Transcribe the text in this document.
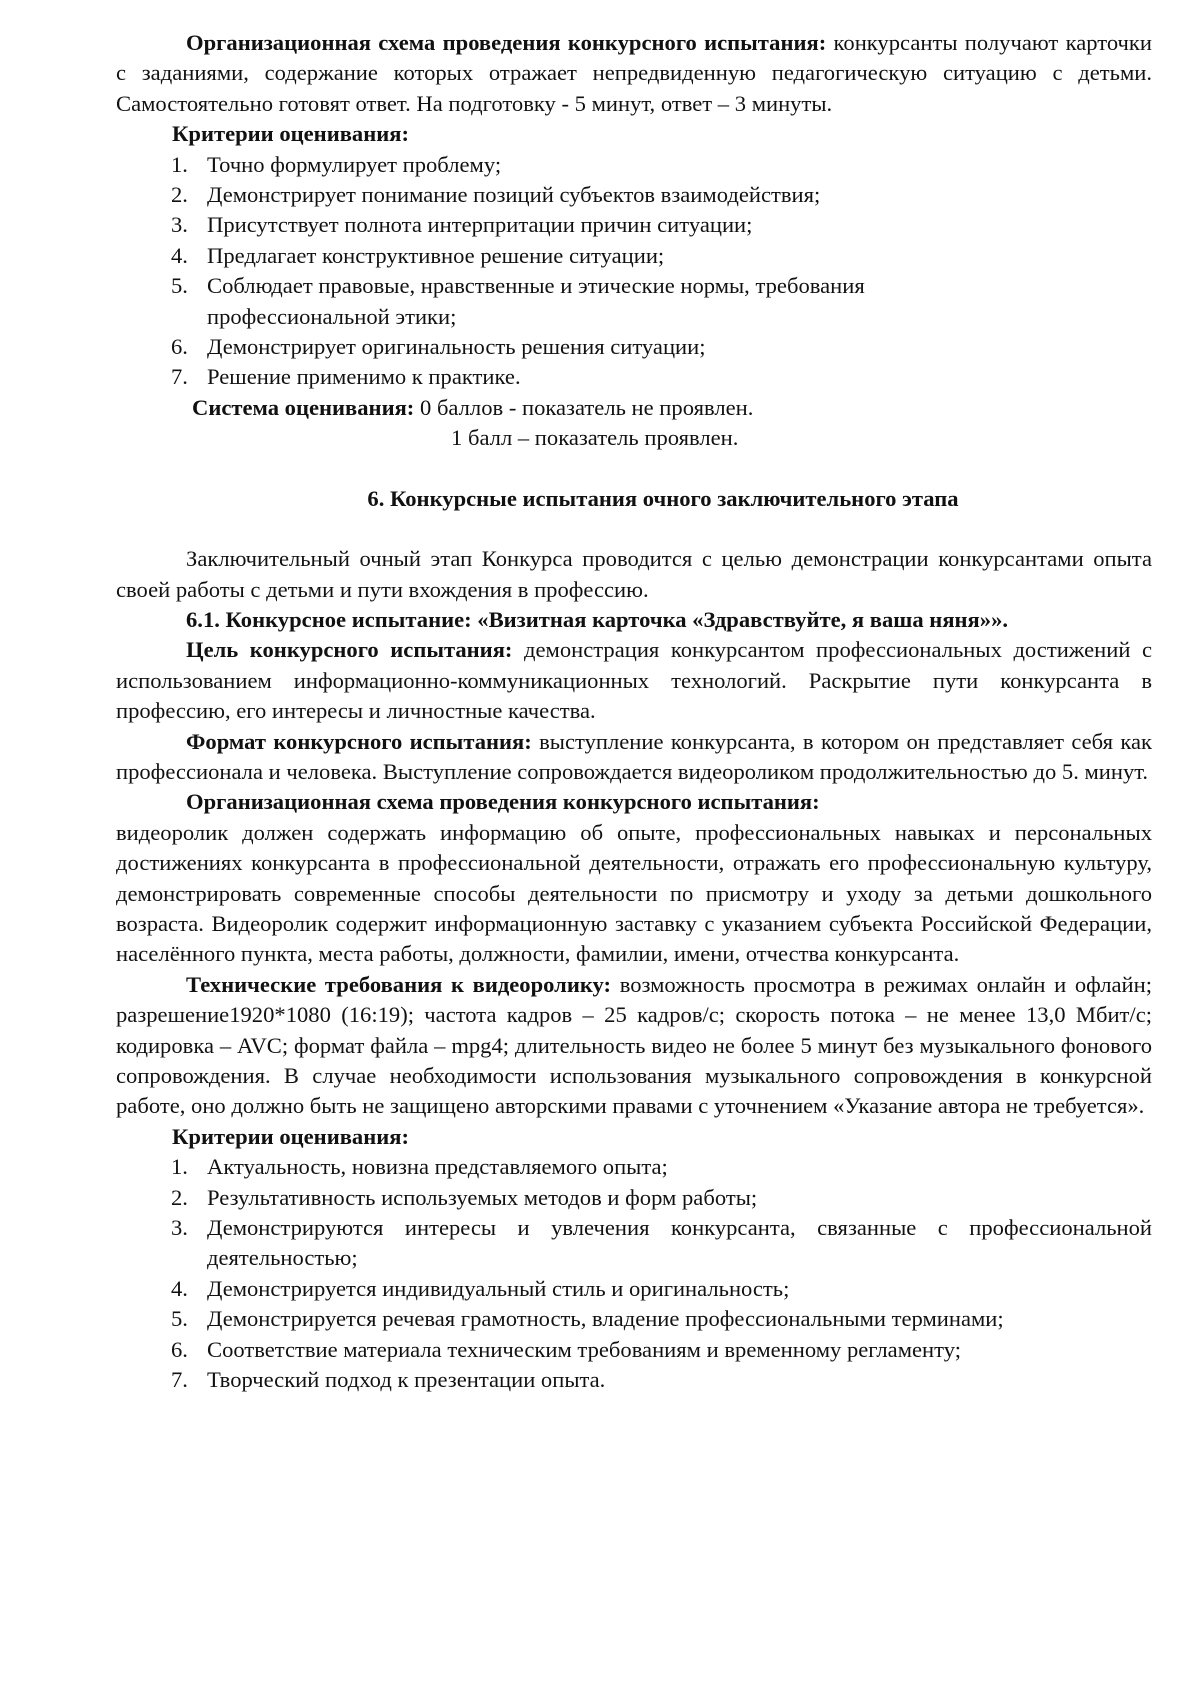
Организационная схема проведения конкурсного испытания: конкурсанты получают карточки с заданиями, содержание которых отражает непредвиденную педагогическую ситуацию с детьми. Самостоятельно готовят ответ. На подготовку - 5 минут, ответ – 3 минуты.

Критерии оценивания:

1. Точно формулирует проблему;
2. Демонстрирует понимание позиций субъектов взаимодействия;
3. Присутствует полнота интерпритации причин ситуации;
4. Предлагает конструктивное решение ситуации;
5. Соблюдает правовые, нравственные и этические нормы, требования профессиональной этики;
6. Демонстрирует оригинальность решения ситуации;
7. Решение применимо к практике.

Система оценивания: 0 баллов - показатель не проявлен.

1 балл – показатель проявлен.

6. Конкурсные испытания очного заключительного этапа

Заключительный очный этап Конкурса проводится с целью демонстрации конкурсантами опыта своей работы с детьми и пути вхождения в профессию.

6.1. Конкурсное испытание: «Визитная карточка «Здравствуйте, я ваша няня»».

Цель конкурсного испытания: демонстрация конкурсантом профессиональных достижений с использованием информационно-коммуникационных технологий. Раскрытие пути конкурсанта в профессию, его интересы и личностные качества.

Формат конкурсного испытания: выступление конкурсанта, в котором он представляет себя как профессионала и человека. Выступление сопровождается видеороликом продолжительностью до 5. минут.

Организационная схема проведения конкурсного испытания:

видеоролик должен содержать информацию об опыте, профессиональных навыках и персональных достижениях конкурсанта в профессиональной деятельности, отражать его профессиональную культуру, демонстрировать современные способы деятельности по присмотру и уходу за детьми дошкольного возраста. Видеоролик содержит информационную заставку с указанием субъекта Российской Федерации, населённого пункта, места работы, должности, фамилии, имени, отчества конкурсанта.

Технические требования к видеоролику: возможность просмотра в режимах онлайн и офлайн; разрешение1920*1080 (16:19); частота кадров – 25 кадров/с; скорость потока – не менее 13,0 Мбит/с; кодировка – AVC; формат файла – mpg4; длительность видео не более 5 минут без музыкального фонового сопровождения. В случае необходимости использования музыкального сопровождения в конкурсной работе, оно должно быть не защищено авторскими правами с уточнением «Указание автора не требуется».

Критерии оценивания:

1. Актуальность, новизна представляемого опыта;
2. Результативность используемых методов и форм работы;
3. Демонстрируются интересы и увлечения конкурсанта, связанные с профессиональной деятельностью;
4. Демонстрируется индивидуальный стиль и оригинальность;
5. Демонстрируется речевая грамотность, владение профессиональными терминами;
6. Соответствие материала техническим требованиям и временному регламенту;
7. Творческий подход к презентации опыта.
